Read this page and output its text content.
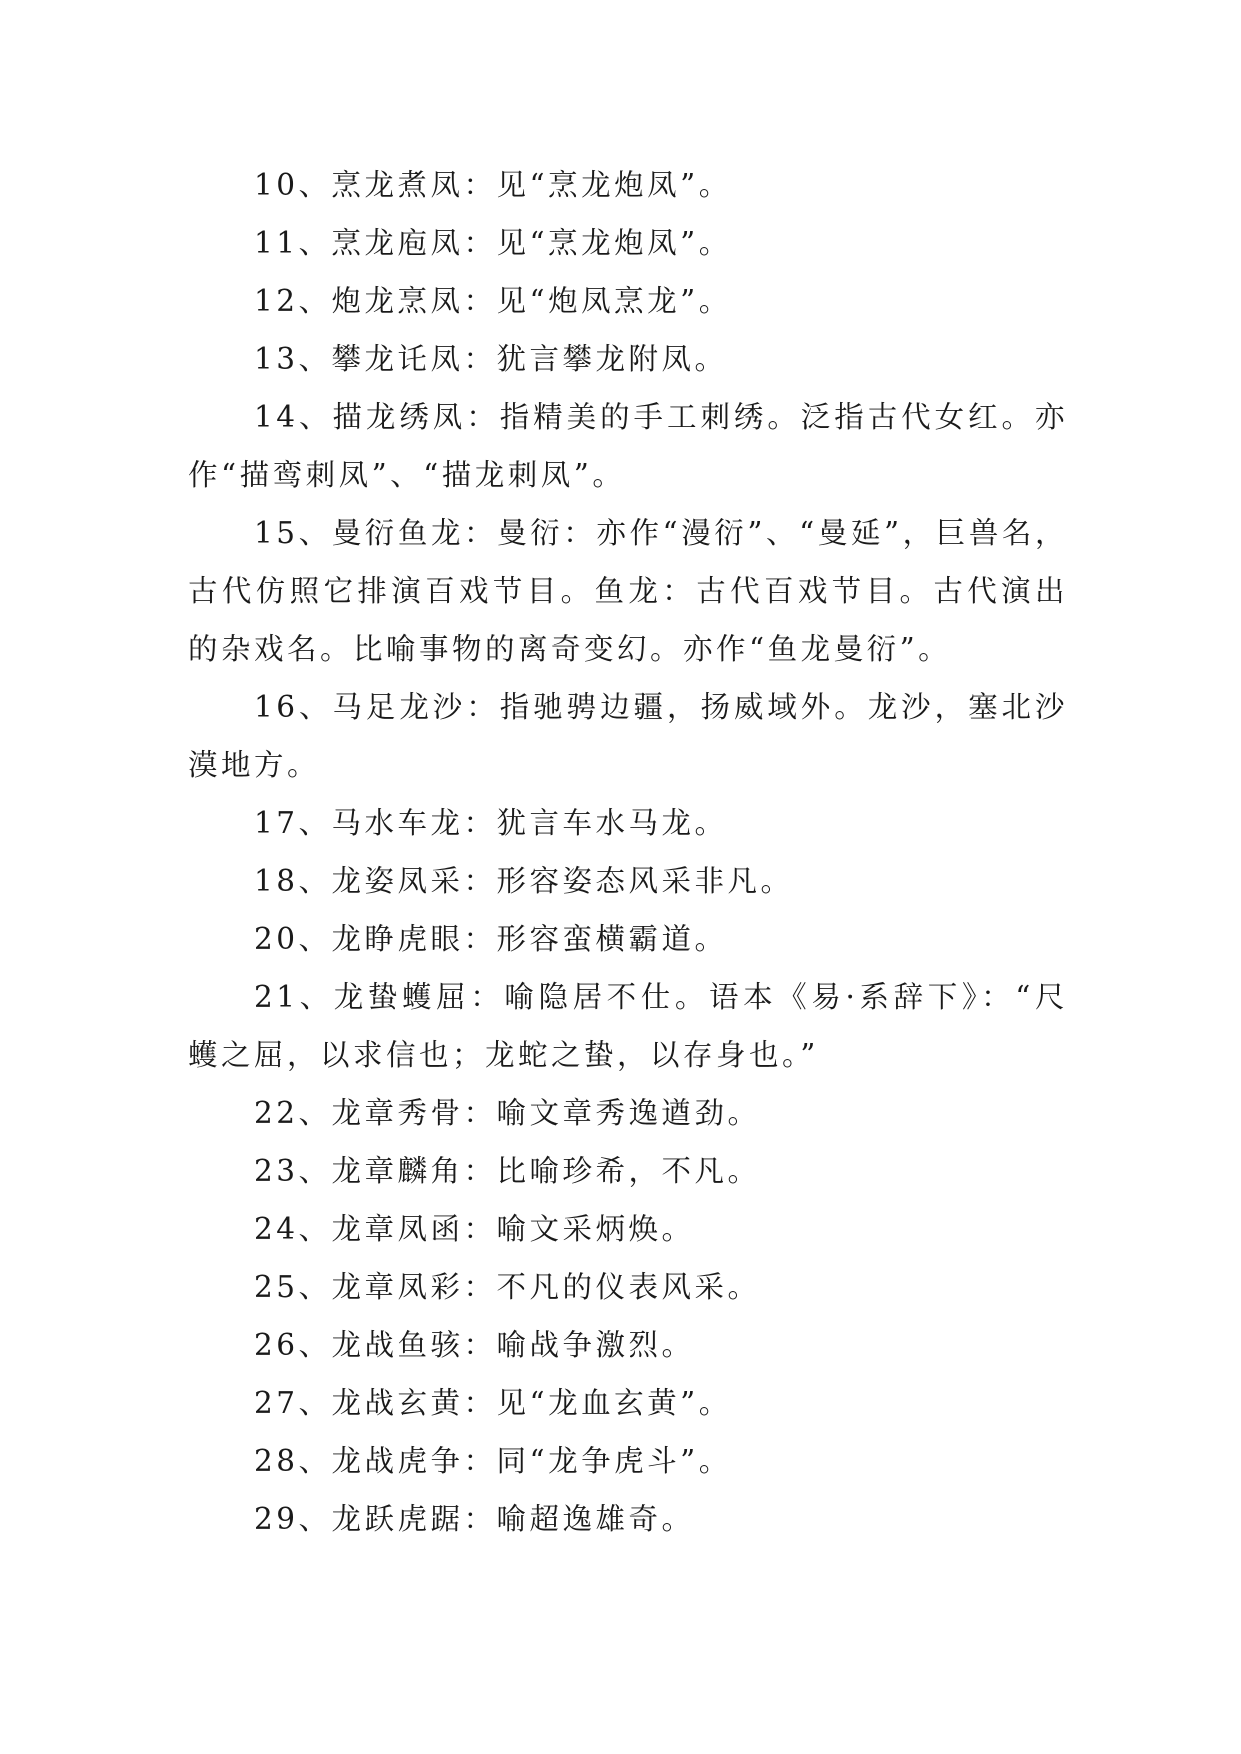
10、烹龙煮凤：见“烹龙炮凤”。

11、烹龙庖凤：见“烹龙炮凤”。

12、炮龙烹凤：见“炮凤烹龙”。

13、攀龙讬凤：犹言攀龙附凤。

14、描龙绣凤：指精美的手工刺绣。泛指古代女红。亦作“描鸾刺凤”、“描龙刺凤”。

15、曼衍鱼龙：曼衍：亦作“漫衍”、“曼延”，巨兽名，古代仿照它排演百戏节目。鱼龙：古代百戏节目。古代演出的杂戏名。比喻事物的离奇变幻。亦作“鱼龙曼衍”。

16、马足龙沙：指驰骋边疆，扬威域外。龙沙，塞北沙漠地方。

17、马水车龙：犹言车水马龙。

18、龙姿凤采：形容姿态风采非凡。

20、龙睁虎眼：形容蛮横霸道。

21、龙蛰蠖屈：喻隐居不仕。语本《易·系辞下》：“尺蠖之屈，以求信也；龙蛇之蛰，以存身也。”

22、龙章秀骨：喻文章秀逸遒劲。

23、龙章麟角：比喻珍希，不凡。

24、龙章凤函：喻文采炳焕。

25、龙章凤彩：不凡的仪表风采。

26、龙战鱼骇：喻战争激烈。

27、龙战玄黄：见“龙血玄黄”。

28、龙战虎争：同“龙争虎斗”。

29、龙跃虎踞：喻超逸雄奇。
